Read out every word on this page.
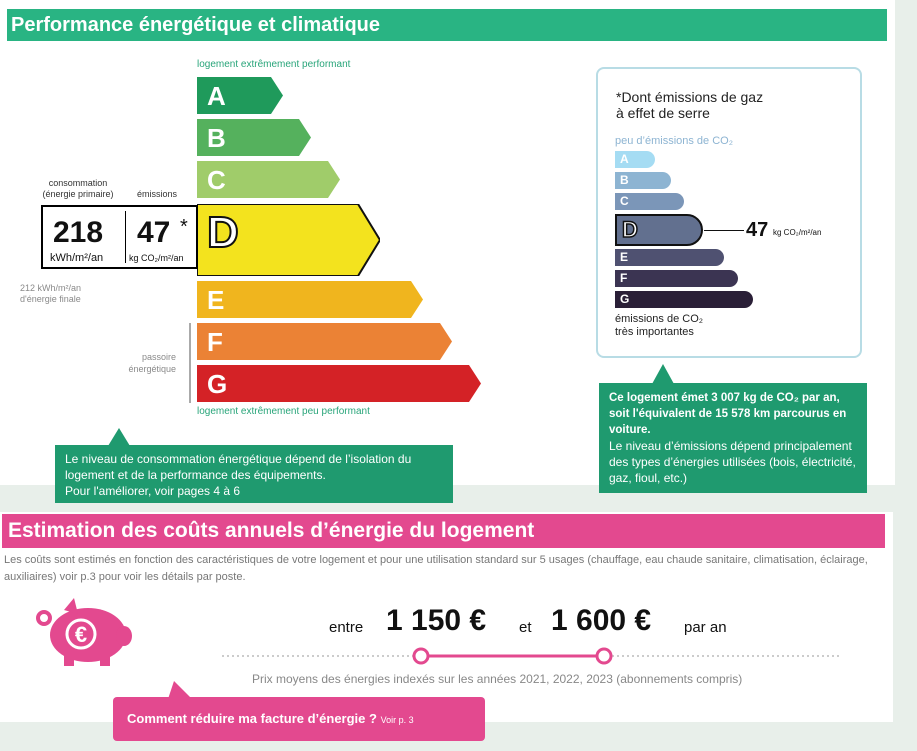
Performance énergétique et climatique
logement extrêmement performant
A
B
C
D
E
F
G
logement extrêmement peu performant
consommation
(énergie primaire)	émissions
218
kWh/m²/an
47 *
kg CO₂/m²/an
212 kWh/m²/an
d'énergie finale
passoire
énergétique
Le niveau de consommation énergétique dépend de l’isolation du
logement et de la performance des équipements.
Pour l'améliorer, voir pages 4 à 6
*Dont émissions de gaz
à effet de serre
peu d’émissions de CO₂
A
B
C
D
E
F
G
47 kg CO₂/m²/an
émissions de CO₂
très importantes
Ce logement émet 3 007 kg de CO₂ par an, soit l'équivalent de 15 578 km parcourus en voiture.
Le niveau d’émissions dépend principalement des types d’énergies utilisées (bois, électricité, gaz, fioul, etc.)
Estimation des coûts annuels d’énergie du logement
Les coûts sont estimés en fonction des caractéristiques de votre logement et pour une utilisation standard sur 5 usages (chauffage, eau chaude sanitaire, climatisation, éclairage, auxiliaires) voir p.3 pour voir les détails par poste.
€	entre 1 150 € et 1 600 € par an
Prix moyens des énergies indexés sur les années 2021, 2022, 2023 (abonnements compris)
Comment réduire ma facture d’énergie ? Voir p. 3
